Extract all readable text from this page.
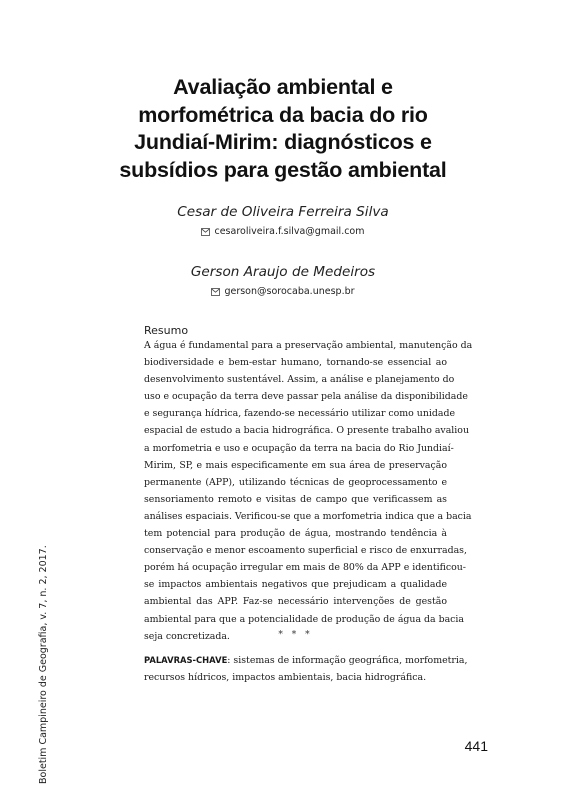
Avaliação ambiental e
morfométrica da bacia do rio
Jundiaí-Mirim: diagnósticos e
subsídios para gestão ambiental
Cesar de Oliveira Ferreira Silva
cesaroliveira.f.silva@gmail.com
Gerson Araujo de Medeiros
gerson@sorocaba.unesp.br
Resumo
A água é fundamental para a preservação ambiental, manutenção da
biodiversidade e bem-estar humano, tornando-se essencial ao
desenvolvimento sustentável. Assim, a análise e planejamento do
uso e ocupação da terra deve passar pela análise da disponibilidade
e segurança hídrica, fazendo-se necessário utilizar como unidade
espacial de estudo a bacia hidrográfica. O presente trabalho avaliou
a morfometria e uso e ocupação da terra na bacia do Rio Jundiaí-
Mirim, SP, e mais especificamente em sua área de preservação
permanente (APP), utilizando técnicas de geoprocessamento e
sensoriamento remoto e visitas de campo que verificassem as
análises espaciais. Verificou-se que a morfometria indica que a bacia
tem potencial para produção de água, mostrando tendência à
conservação e menor escoamento superficial e risco de enxurradas,
porém há ocupação irregular em mais de 80% da APP e identificou-
se impactos ambientais negativos que prejudicam a qualidade
ambiental das APP. Faz-se necessário intervenções de gestão
ambiental para que a potencialidade de produção de água da bacia
seja concretizada.	* * *
PALAVRAS-CHAVE: sistemas de informação geográfica, morfometria,
recursos hídricos, impactos ambientais, bacia hidrográfica.
Boletim Campineiro de Geografia, v. 7, n. 2, 2017.	441
